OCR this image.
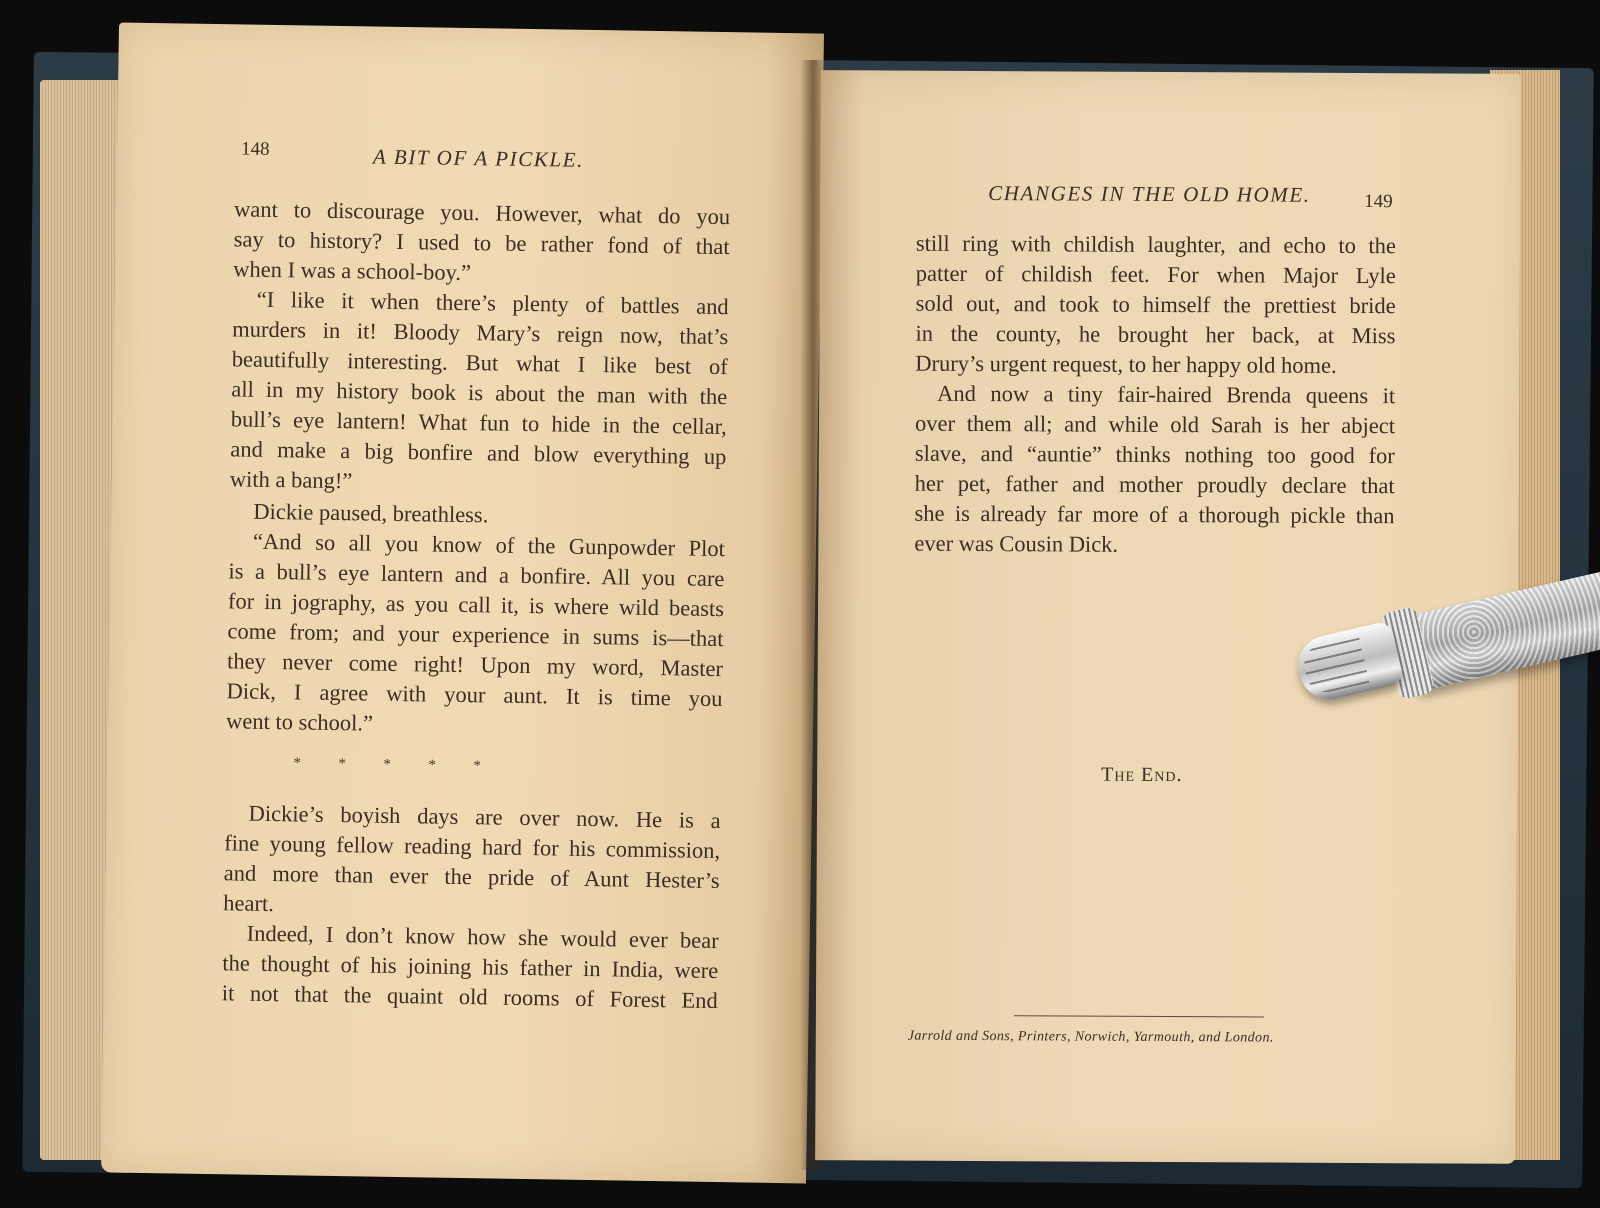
148	A BIT OF A PICKLE.
want to discourage you. However, what do you
say to history? I used to be rather fond of that
when I was a school-boy.”
“I like it when there’s plenty of battles and
murders in it! Bloody Mary’s reign now, that’s
beautifully interesting. But what I like best of
all in my history book is about the man with the
bull’s eye lantern! What fun to hide in the cellar,
and make a big bonfire and blow everything up
with a bang!”
Dickie paused, breathless.
“And so all you know of the Gunpowder Plot
is a bull’s eye lantern and a bonfire. All you care
for in jography, as you call it, is where wild beasts
come from; and your experience in sums is—that
they never come right! Upon my word, Master
Dick, I agree with your aunt. It is time you
went to school.”
*          *          *          *          *
Dickie’s boyish days are over now. He is a
fine young fellow reading hard for his commission,
and more than ever the pride of Aunt Hester’s
heart.
Indeed, I don’t know how she would ever bear
the thought of his joining his father in India, were
it not that the quaint old rooms of Forest End
CHANGES IN THE OLD HOME.	149
still ring with childish laughter, and echo to the
patter of childish feet. For when Major Lyle
sold out, and took to himself the prettiest bride
in the county, he brought her back, at Miss
Drury’s urgent request, to her happy old home.
And now a tiny fair-haired Brenda queens it
over them all; and while old Sarah is her abject
slave, and “auntie” thinks nothing too good for
her pet, father and mother proudly declare that
she is already far more of a thorough pickle than
ever was Cousin Dick.
The End.
Jarrold and Sons, Printers, Norwich, Yarmouth, and London.
